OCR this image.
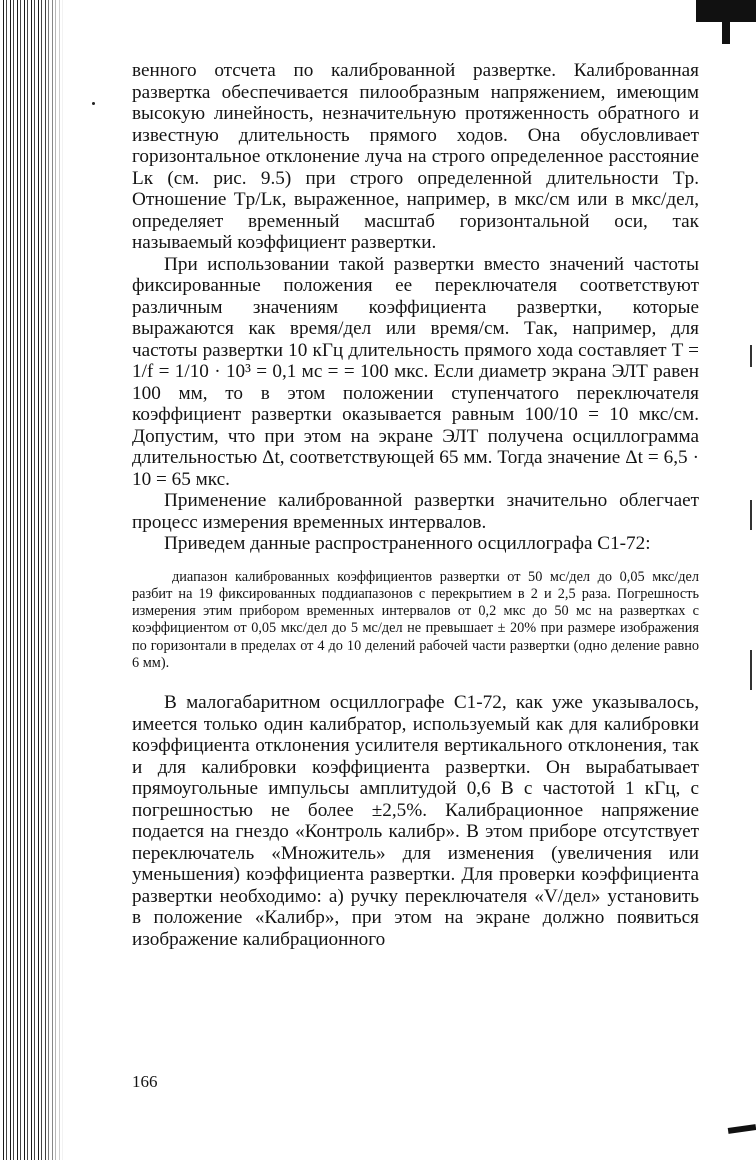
венного отсчета по калиброванной развертке. Калиброванная развертка обеспечивается пилообразным напряжением, имеющим высокую линейность, незначительную протяженность обратного и известную длительность прямого ходов. Она обусловливает горизонтальное отклонение луча на строго определенное расстояние Lк (см. рис. 9.5) при строго определенной длительности Tр. Отношение Tр/Lк, выраженное, например, в мкс/см или в мкс/дел, определяет временный масштаб горизонтальной оси, так называемый коэффициент развертки.

При использовании такой развертки вместо значений частоты фиксированные положения ее переключателя соответствуют различным значениям коэффициента развертки, которые выражаются как время/дел или время/см. Так, например, для частоты развертки 10 кГц длительность прямого хода составляет T = 1/f = 1/10 · 10³ = 0,1 мс = = 100 мкс. Если диаметр экрана ЭЛТ равен 100 мм, то в этом положении ступенчатого переключателя коэффициент развертки оказывается равным 100/10 = 10 мкс/см. Допустим, что при этом на экране ЭЛТ получена осциллограмма длительностью Δt, соответствующей 65 мм. Тогда значение Δt = 6,5 · 10 = 65 мкс.

Применение калиброванной развертки значительно облегчает процесс измерения временных интервалов.

Приведем данные распространенного осциллографа С1-72:

диапазон калиброванных коэффициентов развертки от 50 мс/дел до 0,05 мкс/дел разбит на 19 фиксированных поддиапазонов с перекрытием в 2 и 2,5 раза. Погрешность измерения этим прибором временных интервалов от 0,2 мкс до 50 мс на развертках с коэффициентом от 0,05 мкс/дел до 5 мс/дел не превышает ± 20% при размере изображения по горизонтали в пределах от 4 до 10 делений рабочей части развертки (одно деление равно 6 мм).

В малогабаритном осциллографе С1-72, как уже указывалось, имеется только один калибратор, используемый как для калибровки коэффициента отклонения усилителя вертикального отклонения, так и для калибровки коэффициента развертки. Он вырабатывает прямоугольные импульсы амплитудой 0,6 В с частотой 1 кГц, с погрешностью не более ±2,5%. Калибрационное напряжение подается на гнездо «Контроль калибр». В этом приборе отсутствует переключатель «Множитель» для изменения (увеличения или уменьшения) коэффициента развертки. Для проверки коэффициента развертки необходимо: а) ручку переключателя «V/дел» установить в положение «Калибр», при этом на экране должно появиться изображение калибрационного

166
